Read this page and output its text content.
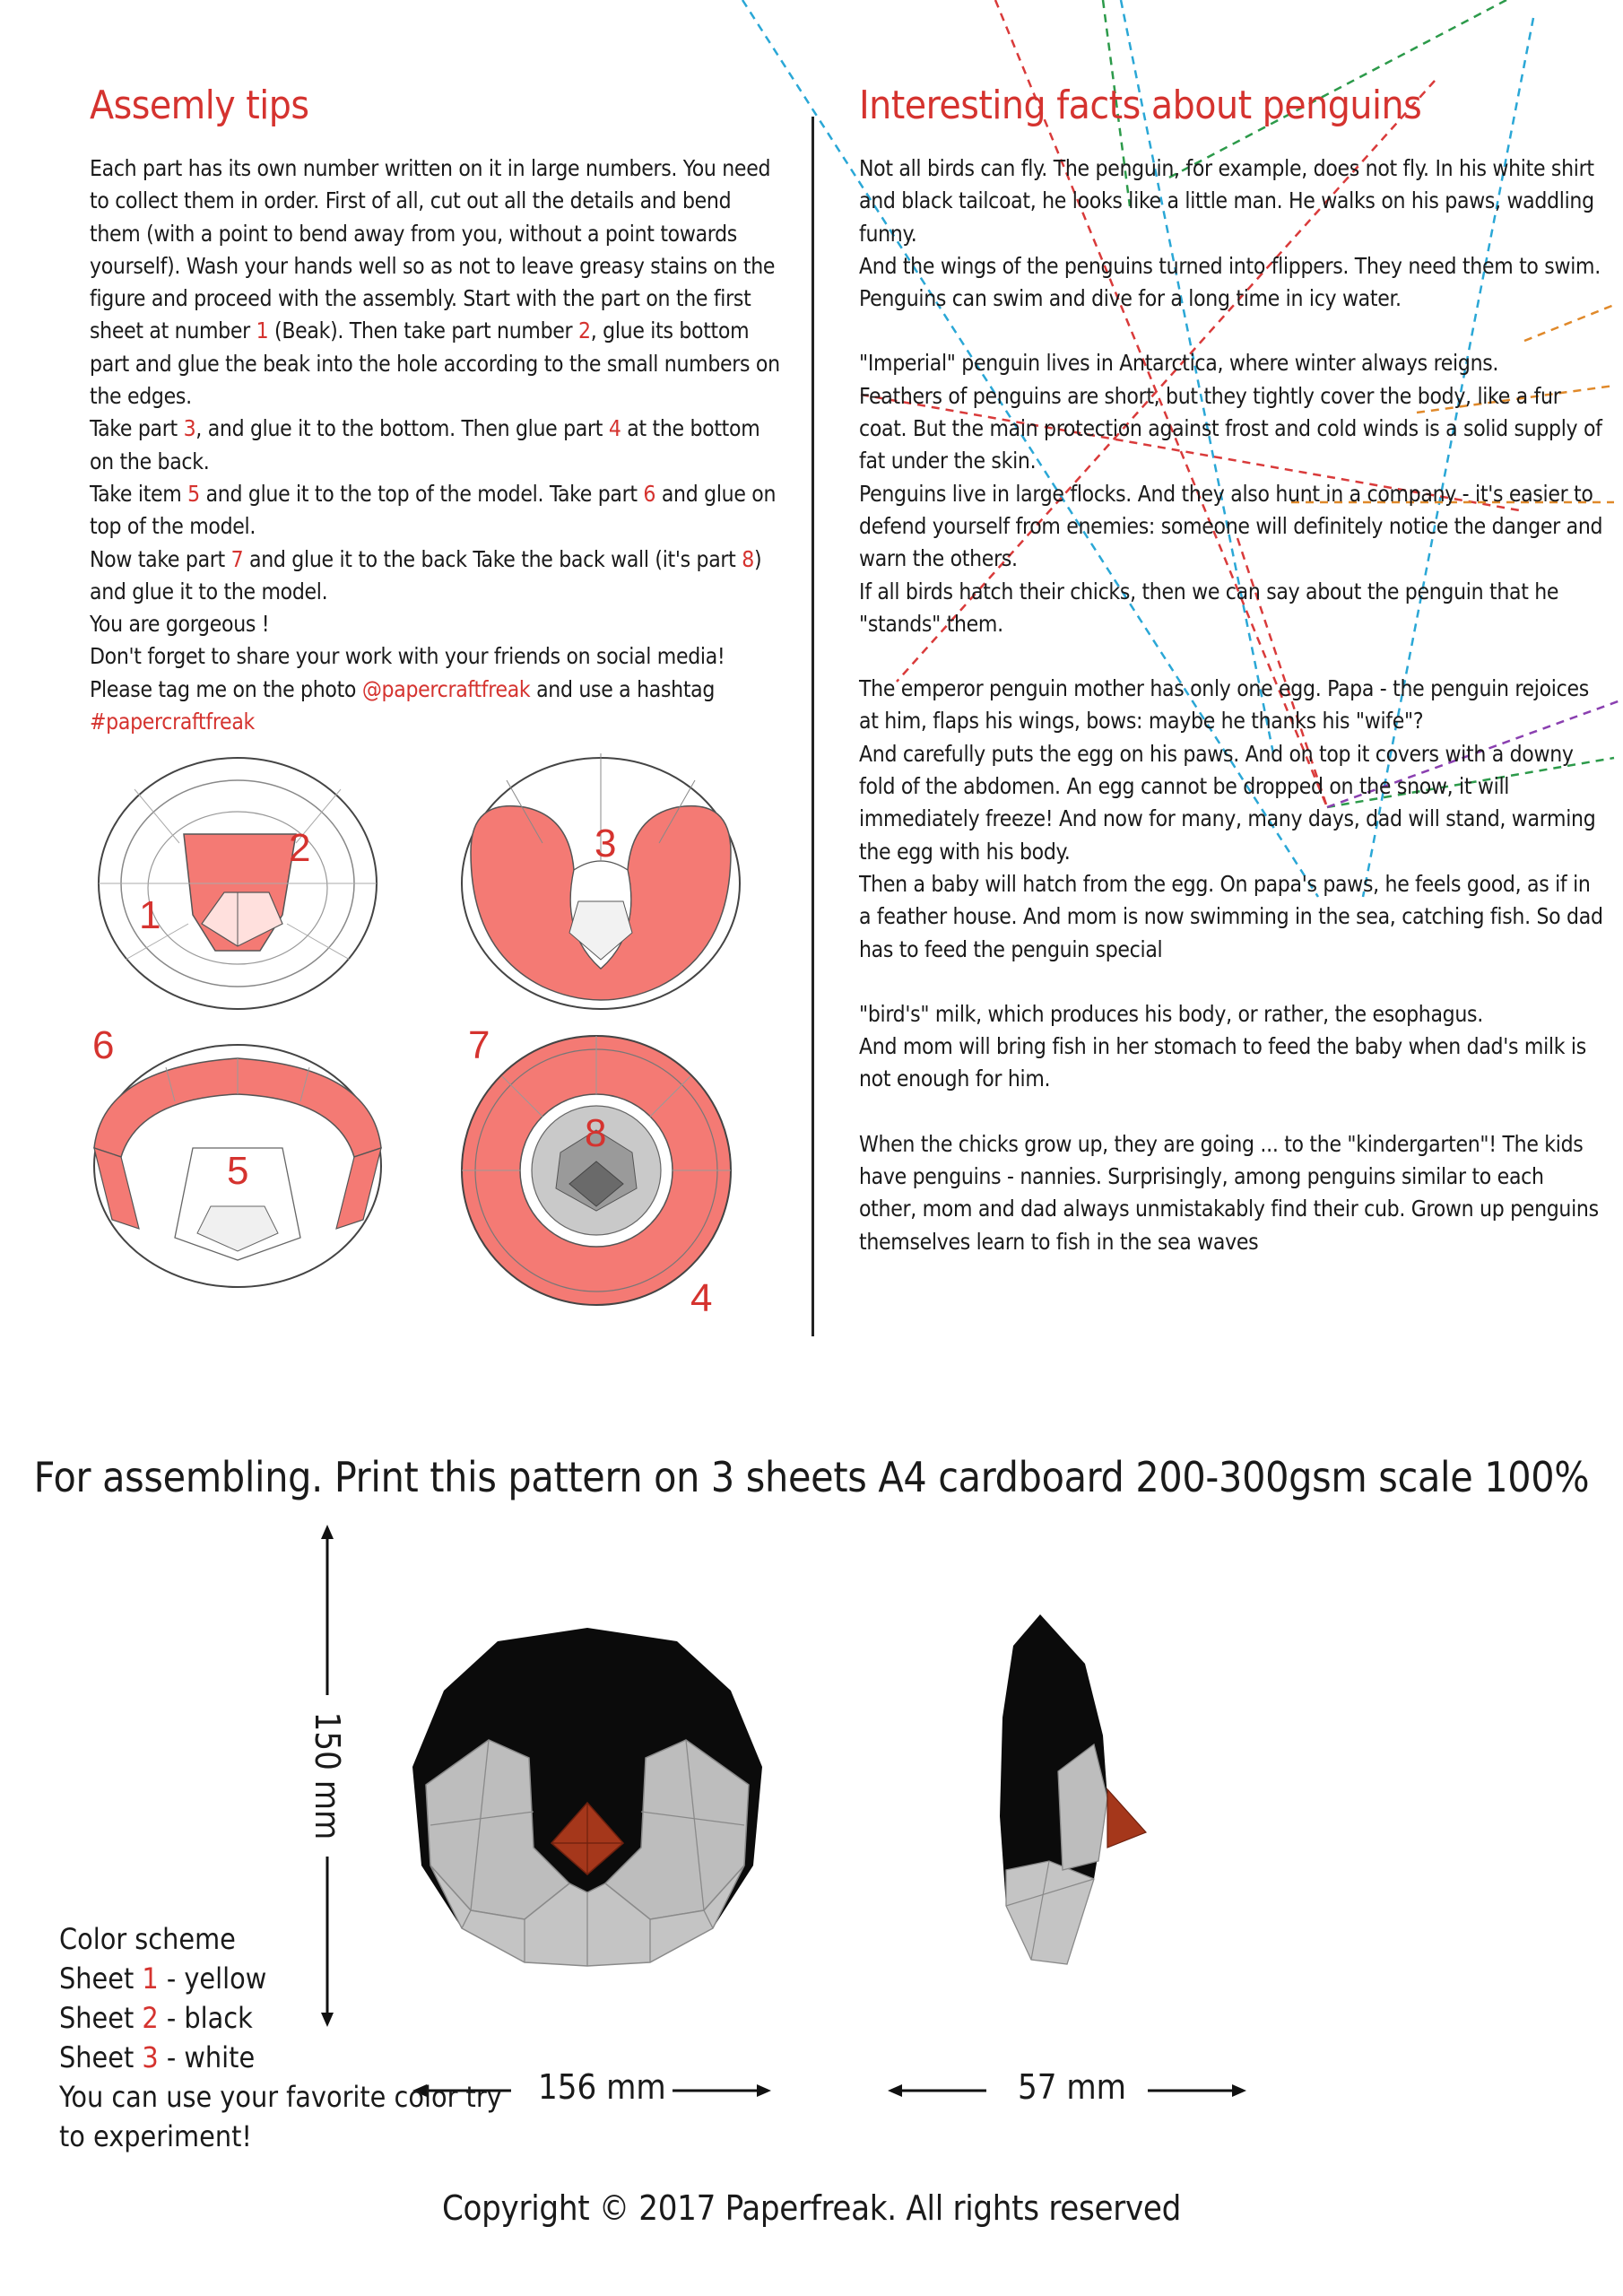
Assemly tips

Each part has its own number written on it in large numbers. You need to collect them in order. First of all, cut out all the details and bend them (with a point to bend away from you, without a point towards yourself). Wash your hands well so as not to leave greasy stains on the figure and proceed with the assembly. Start with the part on the first sheet at number 1 (Beak). Then take part number 2, glue its bottom part and glue the beak into the hole according to the small numbers on the edges.

Take part 3, and glue it to the bottom. Then glue part 4 at the bottom on the back.

Take item 5 and glue it to the top of the model. Take part 6 and glue on top of the model.

Now take part 7 and glue it to the back Take the back wall (it's part 8) and glue it to the model.

You are gorgeous !

Don't forget to share your work with your friends on social media!

Please tag me on the photo @papercraftfreak and use a hashtag

#papercraftfreak

1
2	3
6
5
7
8
4
Interesting facts about penguins

Not all birds can fly. The penguin, for example, does not fly. In his white shirt and black tailcoat, he looks like a little man. He walks on his paws, waddling funny.

And the wings of the penguins turned into flippers. They need them to swim. Penguins can swim and dive for a long time in icy water.

"Imperial" penguin lives in Antarctica, where winter always reigns.

Feathers of penguins are short, but they tightly cover the body, like a fur coat. But the main protection against frost and cold winds is a solid supply of fat under the skin.

Penguins live in large flocks. And they also hunt in a company - it's easier to defend yourself from enemies: someone will definitely notice the danger and warn the others.

If all birds hatch their chicks, then we can say about the penguin that he "stands" them.

The emperor penguin mother has only one egg. Papa - the penguin rejoices at him, flaps his wings, bows: maybe he thanks his "wife"?

And carefully puts the egg on his paws. And on top it covers with a downy fold of the abdomen. An egg cannot be dropped on the snow, it will immediately freeze! And now for many, many days, dad will stand, warming the egg with his body.

Then a baby will hatch from the egg. On papa's paws, he feels good, as if in a feather house. And mom is now swimming in the sea, catching fish. So dad has to feed the penguin special

"bird's" milk, which produces his body, or rather, the esophagus.

And mom will bring fish in her stomach to feed the baby when dad's milk is not enough for him.

When the chicks grow up, they are going ... to the "kindergarten"! The kids have penguins - nannies. Surprisingly, among penguins similar to each other, mom and dad always unmistakably find their cub. Grown up penguins themselves learn to fish in the sea waves

For assembling. Print this pattern on 3 sheets A4 cardboard 200-300gsm scale 100%
150 mm
156 mm	57 mm

Color scheme

Sheet 1 - yellow

Sheet 2 - black

Sheet 3 - white

You can use your favorite color try

to experiment!

Copyright © 2017 Paperfreak. All rights reserved
